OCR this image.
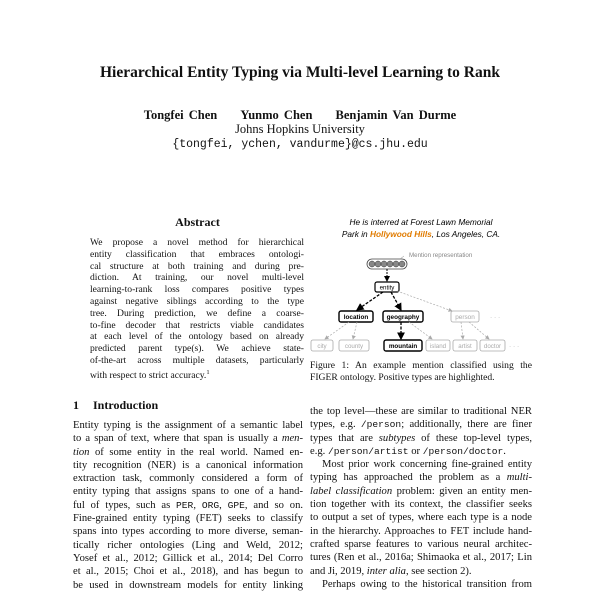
Hierarchical Entity Typing via Multi-level Learning to Rank
Tongfei Chen Yunmo Chen Benjamin Van Durme
Johns Hopkins University
{tongfei, ychen, vandurme}@cs.jhu.edu
Abstract
We propose a novel method for hierarchical
entity classification that embraces ontologi-
cal structure at both training and during pre-
diction. At training, our novel multi-level
learning-to-rank loss compares positive types
against negative siblings according to the type
tree. During prediction, we define a coarse-
to-fine decoder that restricts viable candidates
at each level of the ontology based on already
predicted parent type(s). We achieve state-
of-the-art across multiple datasets, particularly
with respect to strict accuracy.$^1$
He is interred at Forest Lawn Memorial
Park in Hollywood Hills, Los Angeles, CA.
Mention representation
entity
location	geography	person · · ·
city	county	mountain island artist doctor · · ·
Figure 1: An example mention classified using the
FIGER ontology. Positive types are highlighted.
1 Introduction
Entity typing is the assignment of a semantic label
to a span of text, where that span is usually a men-
tion of some entity in the real world. Named en-
tity recognition (NER) is a canonical information
extraction task, commonly considered a form of
entity typing that assigns spans to one of a hand-
ful of types, such as PER, ORG, GPE, and so on.
Fine-grained entity typing (FET) seeks to classify
spans into types according to more diverse, seman-
tically richer ontologies (Ling and Weld, 2012;
Yosef et al., 2012; Gillick et al., 2014; Del Corro
et al., 2015; Choi et al., 2018), and has begun to
be used in downstream models for entity linking
the top level—these are similar to traditional NER
types, e.g. /person; additionally, there are finer
types that are subtypes of these top-level types,
e.g. /person/artist or /person/doctor.
Most prior work concerning fine-grained entity
typing has approached the problem as a multi-
label classification problem: given an entity men-
tion together with its context, the classifier seeks
to output a set of types, where each type is a node
in the hierarchy. Approaches to FET include hand-
crafted sparse features to various neural architec-
tures (Ren et al., 2016a; Shimaoka et al., 2017; Lin
and Ji, 2019, inter alia, see section 2).
Perhaps owing to the historical transition from
